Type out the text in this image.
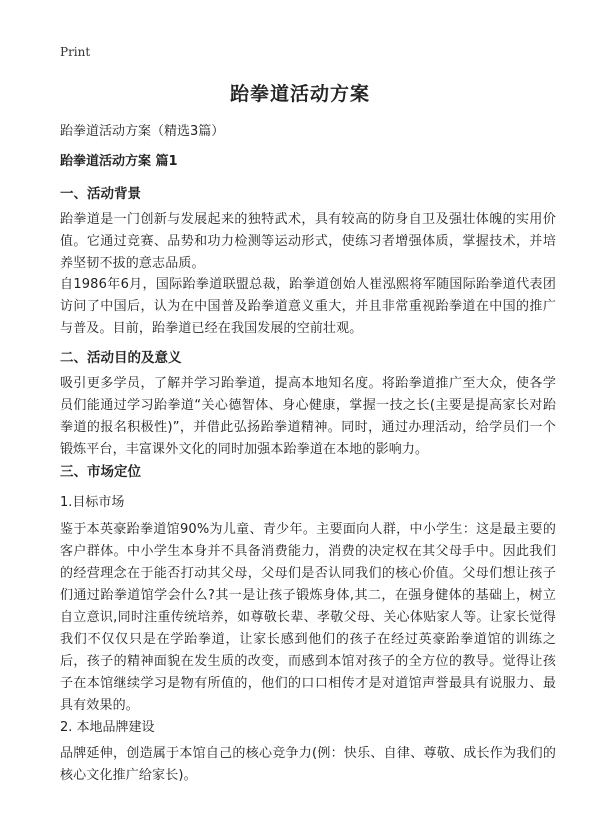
Print
跆拳道活动方案
跆拳道活动方案（精选3篇）
跆拳道活动方案 篇1
一、活动背景
跆拳道是一门创新与发展起来的独特武术，具有较高的防身自卫及强壮体魄的实用价值。它通过竞赛、品势和功力检测等运动形式，使练习者增强体质，掌握技术，并培养坚韧不拔的意志品质。
自1986年6月，国际跆拳道联盟总裁，跆拳道创始人崔泓熙将军随国际跆拳道代表团访问了中国后，认为在中国普及跆拳道意义重大，并且非常重视跆拳道在中国的推广与普及。目前，跆拳道已经在我国发展的空前壮观。
二、活动目的及意义
吸引更多学员，了解并学习跆拳道，提高本地知名度。将跆拳道推广至大众，使各学员们能通过学习跆拳道“关心德智体、身心健康，掌握一技之长(主要是提高家长对跆拳道的报名积极性)”，并借此弘扬跆拳道精神。同时，通过办理活动，给学员们一个锻炼平台，丰富课外文化的同时加强本跆拳道在本地的影响力。
三、市场定位
1.目标市场
鉴于本英豪跆拳道馆90%为儿童、青少年。主要面向人群，中小学生：这是最主要的客户群体。中小学生本身并不具备消费能力，消费的决定权在其父母手中。因此我们的经营理念在于能否打动其父母，父母们是否认同我们的核心价值。父母们想让孩子们通过跆拳道馆学会什么?其一是让孩子锻炼身体,其二，在强身健体的基础上，树立自立意识,同时注重传统培养，如尊敬长辈、孝敬父母、关心体贴家人等。让家长觉得我们不仅仅只是在学跆拳道，让家长感到他们的孩子在经过英豪跆拳道馆的训练之后，孩子的精神面貌在发生质的改变，而感到本馆对孩子的全方位的教导。觉得让孩子在本馆继续学习是物有所值的，他们的口口相传才是对道馆声誉最具有说服力、最具有效果的。
2. 本地品牌建设
品牌延伸，创造属于本馆自己的核心竞争力(例：快乐、自律、尊敬、成长作为我们的核心文化推广给家长)。
